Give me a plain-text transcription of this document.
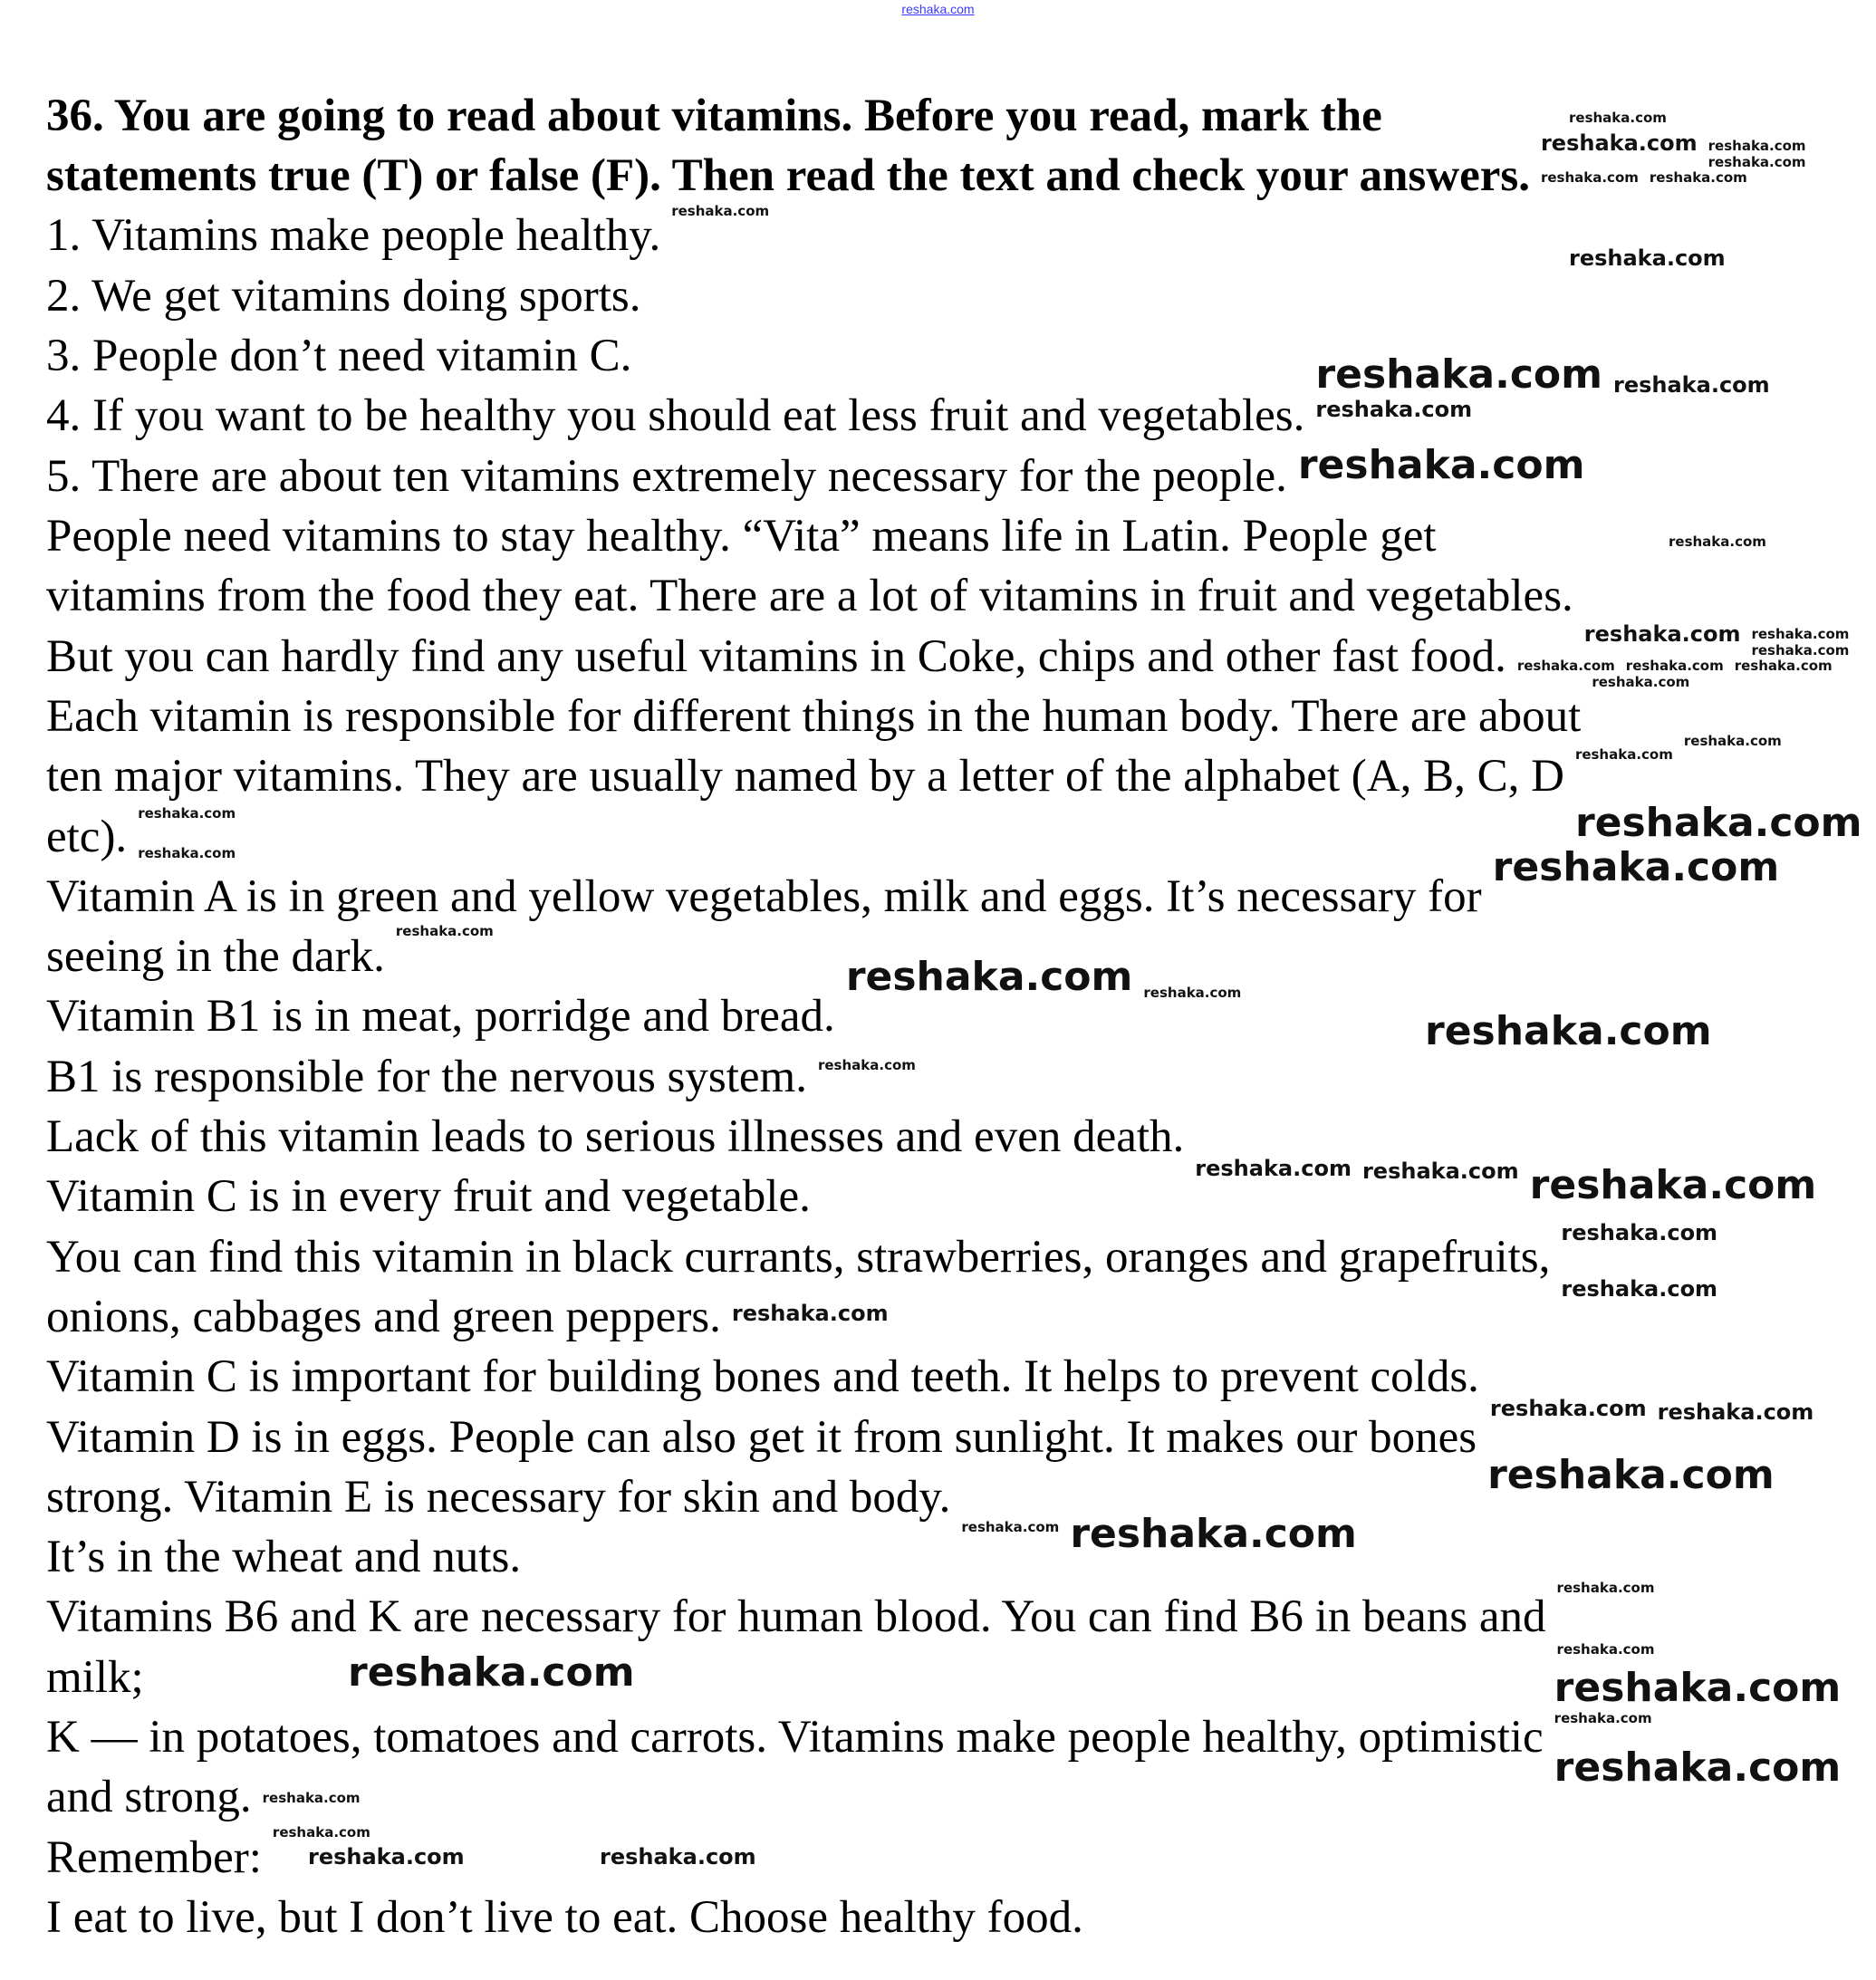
reshaka.com
36. You are going to read about vitamins. Before you read, mark the
statements true (T) or false (F). Then read the text and check your answers.
1. Vitamins make people healthy.
2. We get vitamins doing sports.
3. People don’t need vitamin C.
4. If you want to be healthy you should eat less fruit and vegetables.
5. There are about ten vitamins extremely necessary for the people.
People need vitamins to stay healthy. “Vita” means life in Latin. People get
vitamins from the food they eat. There are a lot of vitamins in fruit and vegetables.
But you can hardly find any useful vitamins in Coke, chips and other fast food.
Each vitamin is responsible for different things in the human body. There are about
ten major vitamins. They are usually named by a letter of the alphabet (A, B, C, D
etc).
Vitamin A is in green and yellow vegetables, milk and eggs. It’s necessary for
seeing in the dark.
Vitamin B1 is in meat, porridge and bread.
B1 is responsible for the nervous system.
Lack of this vitamin leads to serious illnesses and even death.
Vitamin C is in every fruit and vegetable.
You can find this vitamin in black currants, strawberries, oranges and grapefruits,
onions, cabbages and green peppers.
Vitamin C is important for building bones and teeth. It helps to prevent colds.
Vitamin D is in eggs. People can also get it from sunlight. It makes our bones
strong. Vitamin E is necessary for skin and body.
It’s in the wheat and nuts.
Vitamins B6 and K are necessary for human blood. You can find B6 in beans and
milk;
K — in potatoes, tomatoes and carrots. Vitamins make people healthy, optimistic
and strong.
Remember:
I eat to live, but I don’t live to eat. Choose healthy food.
reshaka.com
reshaka.com reshaka.com
reshaka.com
reshaka.com reshaka.com
reshaka.com
reshaka.com
reshaka.com
reshaka.com
reshaka.com
reshaka.com
reshaka.com
reshaka.com reshaka.com
reshaka.com
reshaka.com reshaka.com reshaka.com
reshaka.com
reshaka.com
reshaka.com
reshaka.com	reshaka.com
reshaka.com	reshaka.com
reshaka.com
reshaka.com reshaka.com
reshaka.com
reshaka.com
reshaka.com reshaka.com reshaka.com
reshaka.com
reshaka.com
reshaka.com
reshaka.com reshaka.com
reshaka.com
reshaka.com reshaka.com
reshaka.com
reshaka.com
reshaka.com	reshaka.com
reshaka.com
reshaka.com
reshaka.com
reshaka.com
reshaka.com	reshaka.com
